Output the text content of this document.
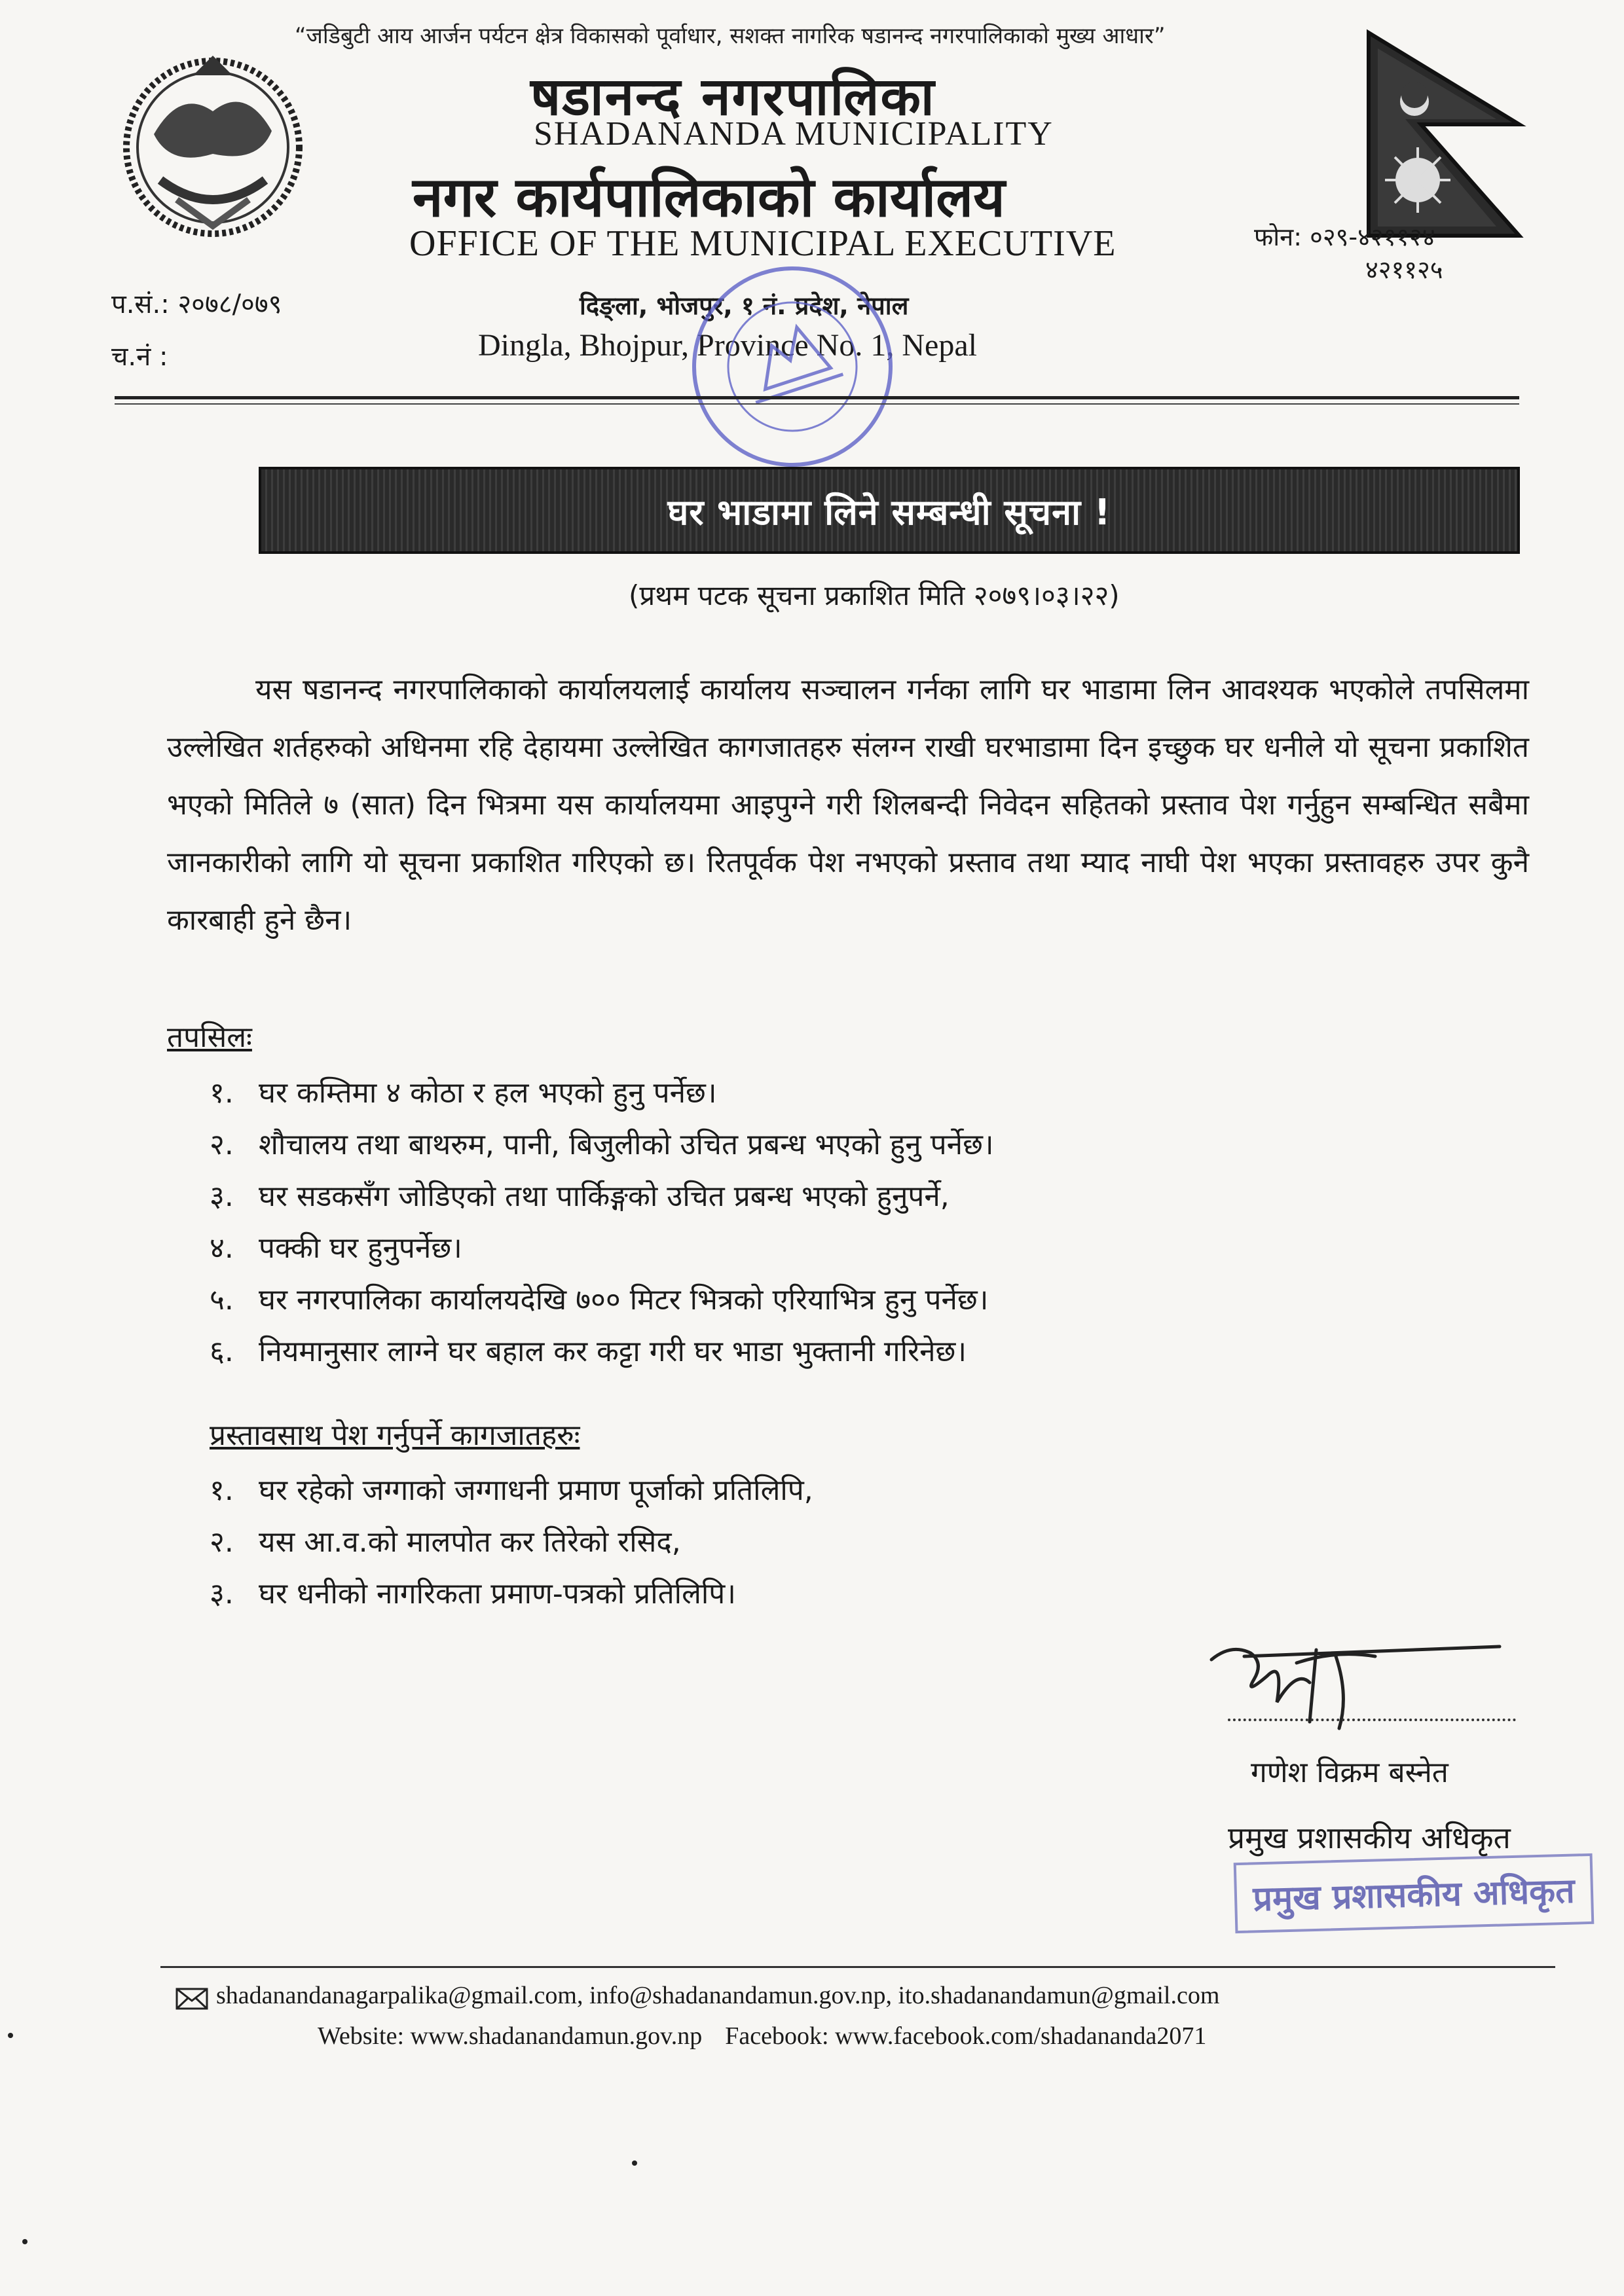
“जडिबुटी आय आर्जन पर्यटन क्षेत्र विकासको पूर्वाधार, सशक्त नागरिक षडानन्द नगरपालिकाको मुख्य आधार”
षडानन्द नगरपालिका
SHADANANDA MUNICIPALITY
नगर कार्यपालिकाको कार्यालय
OFFICE OF THE MUNICIPAL EXECUTIVE	फोन: ०२९-४२११२४
४२११२५
प.सं.: २०७८/०७९
च.नं :
दिङ्ला, भोजपुर, १ नं. प्रदेश, नेपाल
Dingla, Bhojpur, Province No. 1, Nepal
घर भाडामा लिने सम्बन्धी सूचना !
(प्रथम पटक सूचना प्रकाशित मिति २०७९।०३।२२)
यस षडानन्द नगरपालिकाको कार्यालयलाई कार्यालय सञ्चालन गर्नका लागि घर भाडामा लिन आवश्यक भएकोले तपसिलमा उल्लेखित शर्तहरुको अधिनमा रहि देहायमा उल्लेखित कागजातहरु संलग्न राखी घरभाडामा दिन इच्छुक घर धनीले यो सूचना प्रकाशित भएको मितिले ७ (सात) दिन भित्रमा यस कार्यालयमा आइपुग्ने गरी शिलबन्दी निवेदन सहितको प्रस्ताव पेश गर्नुहुन सम्बन्धित सबैमा जानकारीको लागि यो सूचना प्रकाशित गरिएको छ। रितपूर्वक पेश नभएको प्रस्ताव तथा म्याद नाघी पेश भएका प्रस्तावहरु उपर कुनै कारबाही हुने छैन।
तपसिलः
१. घर कम्तिमा ४ कोठा र हल भएको हुनु पर्नेछ।
२. शौचालय तथा बाथरुम, पानी, बिजुलीको उचित प्रबन्ध भएको हुनु पर्नेछ।
३. घर सडकसँग जोडिएको तथा पार्किङ्गको उचित प्रबन्ध भएको हुनुपर्ने,
४. पक्की घर हुनुपर्नेछ।
५. घर नगरपालिका कार्यालयदेखि ७०० मिटर भित्रको एरियाभित्र हुनु पर्नेछ।
६. नियमानुसार लाग्ने घर बहाल कर कट्टा गरी घर भाडा भुक्तानी गरिनेछ।
प्रस्तावसाथ पेश गर्नुपर्ने कागजातहरुः
१. घर रहेको जग्गाको जग्गाधनी प्रमाण पूर्जाको प्रतिलिपि,
२. यस आ.व.को मालपोत कर तिरेको रसिद,
३. घर धनीको नागरिकता प्रमाण-पत्रको प्रतिलिपि।
गणेश विक्रम बस्नेत
प्रमुख प्रशासकीय अधिकृत
प्रमुख प्रशासकीय अधिकृत
shadanandanagarpalika@gmail.com, info@shadanandamun.gov.np, ito.shadanandamun@gmail.com
Website: www.shadanandamun.gov.np Facebook: www.facebook.com/shadananda2071
